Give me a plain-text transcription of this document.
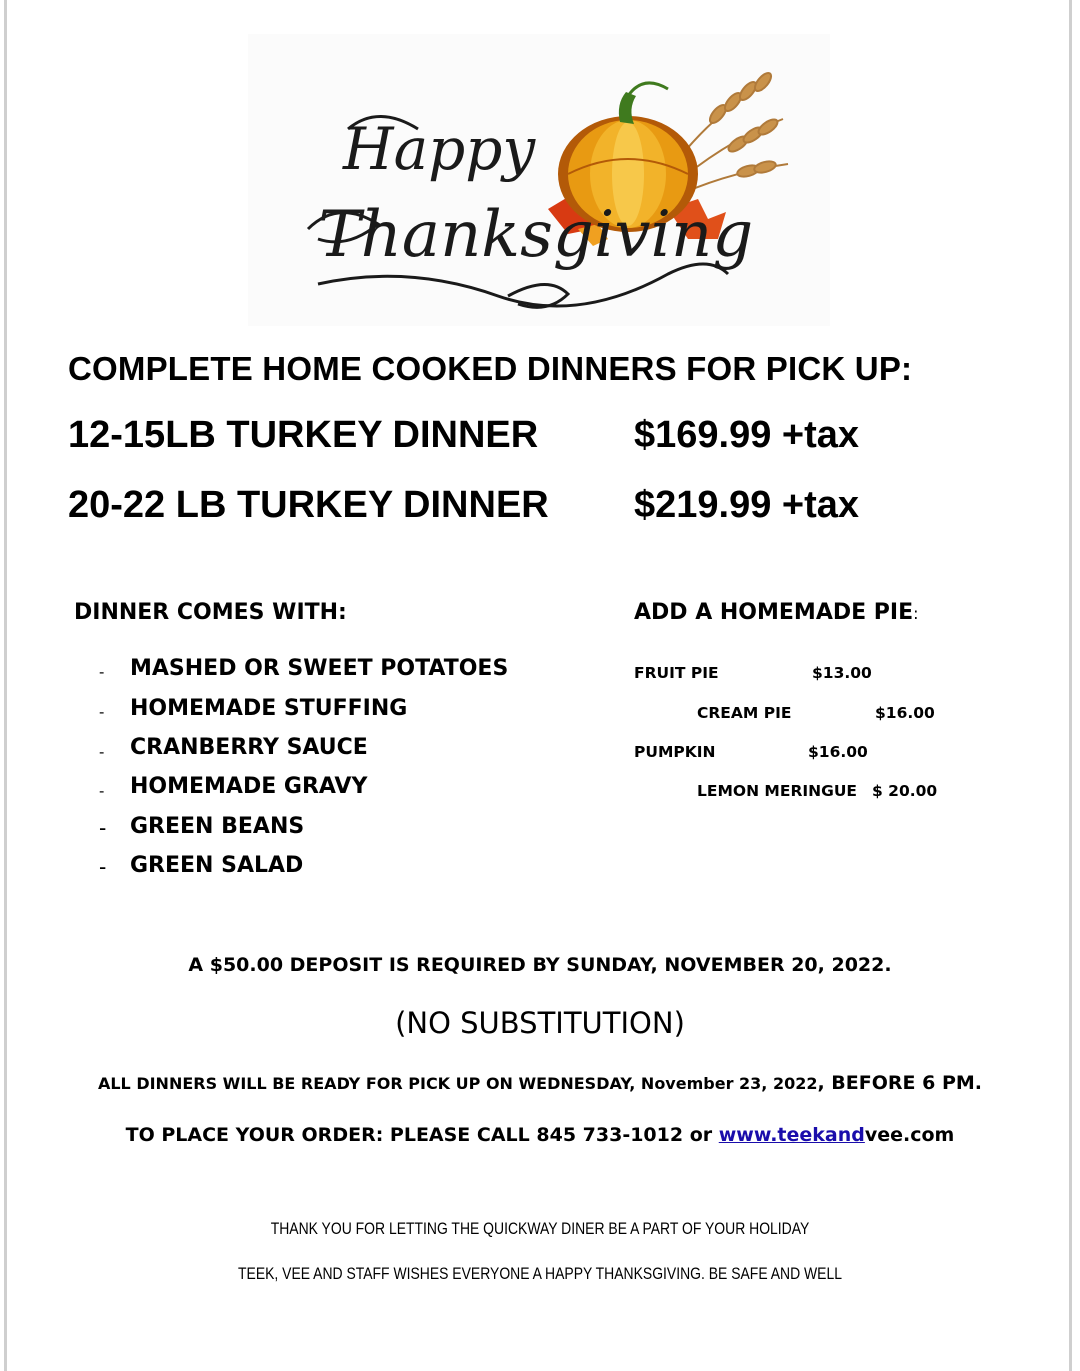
Happy
Thanksgiving
COMPLETE HOME COOKED DINNERS FOR PICK UP:
12-15LB TURKEY DINNER	$169.99 +tax
20-22 LB TURKEY DINNER $219.99 +tax
DINNER COMES WITH:
- MASHED OR SWEET POTATOES
- HOMEMADE STUFFING
- CRANBERRY SAUCE
- HOMEMADE GRAVY
- GREEN BEANS
- GREEN SALAD
ADD A HOMEMADE PIE:
FRUIT PIE	$13.00
CREAM PIE	$16.00
PUMPKIN	$16.00
LEMON MERINGUE $ 20.00
A $50.00 DEPOSIT IS REQUIRED BY SUNDAY, NOVEMBER 20, 2022.
(NO SUBSTITUTION)
ALL DINNERS WILL BE READY FOR PICK UP ON WEDNESDAY, November 23, 2022, BEFORE 6 PM.
TO PLACE YOUR ORDER: PLEASE CALL 845 733-1012 or www.teekandvee.com
THANK YOU FOR LETTING THE QUICKWAY DINER BE A PART OF YOUR HOLIDAY
TEEK, VEE AND STAFF WISHES EVERYONE A HAPPY THANKSGIVING. BE SAFE AND WELL
